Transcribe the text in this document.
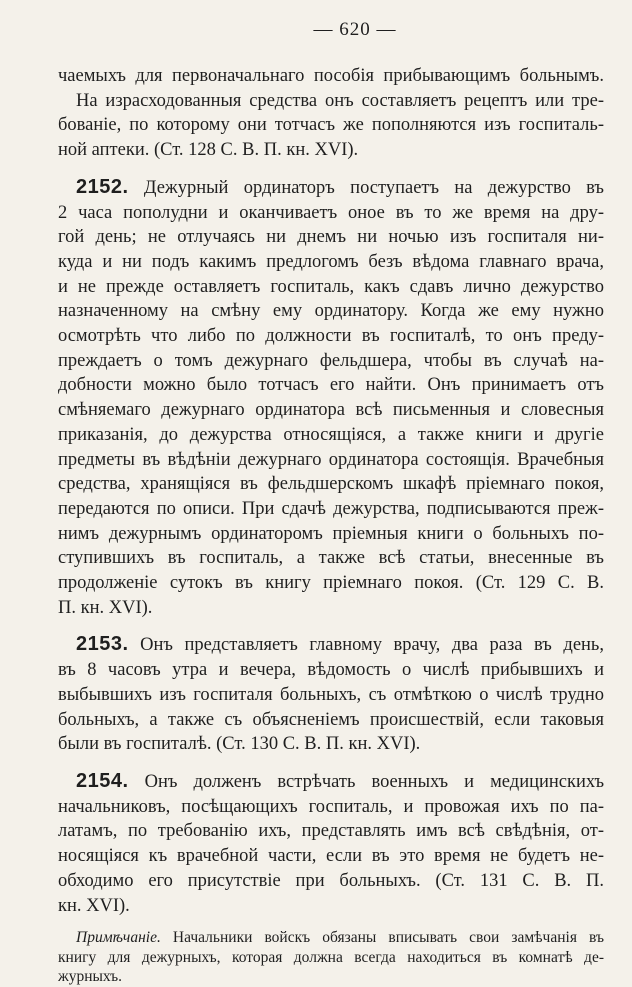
— 620 —
чаемыхъ для первоначальнаго пособія прибывающимъ больнымъ.
На израсходованныя средства онъ составляетъ рецептъ или тре-
бованіе, по которому они тотчасъ же пополняются изъ госпиталь-
ной аптеки. (Ст. 128 С. В. П. кн. XVI).
2152. Дежурный ординаторъ поступаетъ на дежурство въ
2 часа пополудни и оканчиваетъ оное въ то же время на дру-
гой день; не отлучаясь ни днемъ ни ночью изъ госпиталя ни-
куда и ни подъ какимъ предлогомъ безъ вѣдома главнаго врача,
и не прежде оставляетъ госпиталь, какъ сдавъ лично дежурство
назначенному на смѣну ему ординатору. Когда же ему нужно
осмотрѣть что либо по должности въ госпиталѣ, то онъ преду-
преждаетъ о томъ дежурнаго фельдшера, чтобы въ случаѣ на-
добности можно было тотчасъ его найти. Онъ принимаетъ отъ
смѣняемаго дежурнаго ординатора всѣ письменныя и словесныя
приказанія, до дежурства относящіяся, а также книги и другіе
предметы въ вѣдѣніи дежурнаго ординатора состоящія. Врачебныя
средства, хранящіяся въ фельдшерскомъ шкафѣ пріемнаго покоя,
передаются по описи. При сдачѣ дежурства, подписываются преж-
нимъ дежурнымъ ординаторомъ пріемныя книги о больныхъ по-
ступившихъ въ госпиталь, а также всѣ статьи, внесенные въ
продолженіе сутокъ въ книгу пріемнаго покоя. (Ст. 129 С. В.
П. кн. XVI).
2153. Онъ представляетъ главному врачу, два раза въ день,
въ 8 часовъ утра и вечера, вѣдомость о числѣ прибывшихъ и
выбывшихъ изъ госпиталя больныхъ, съ отмѣткою о числѣ трудно
больныхъ, а также съ объясненіемъ происшествій, если таковыя
были въ госпиталѣ. (Ст. 130 С. В. П. кн. XVI).
2154. Онъ долженъ встрѣчать военныхъ и медицинскихъ
начальниковъ, посѣщающихъ госпиталь, и провожая ихъ по па-
латамъ, по требованію ихъ, представлять имъ всѣ свѣдѣнія, от-
носящіяся къ врачебной части, если въ это время не будетъ не-
обходимо его присутствіе при больныхъ. (Ст. 131 С. В. П.
кн. XVI).
Примѣчаніе. Начальники войскъ обязаны вписывать свои замѣчанія въ
книгу для дежурныхъ, которая должна всегда находиться въ комнатѣ де-
журныхъ.
